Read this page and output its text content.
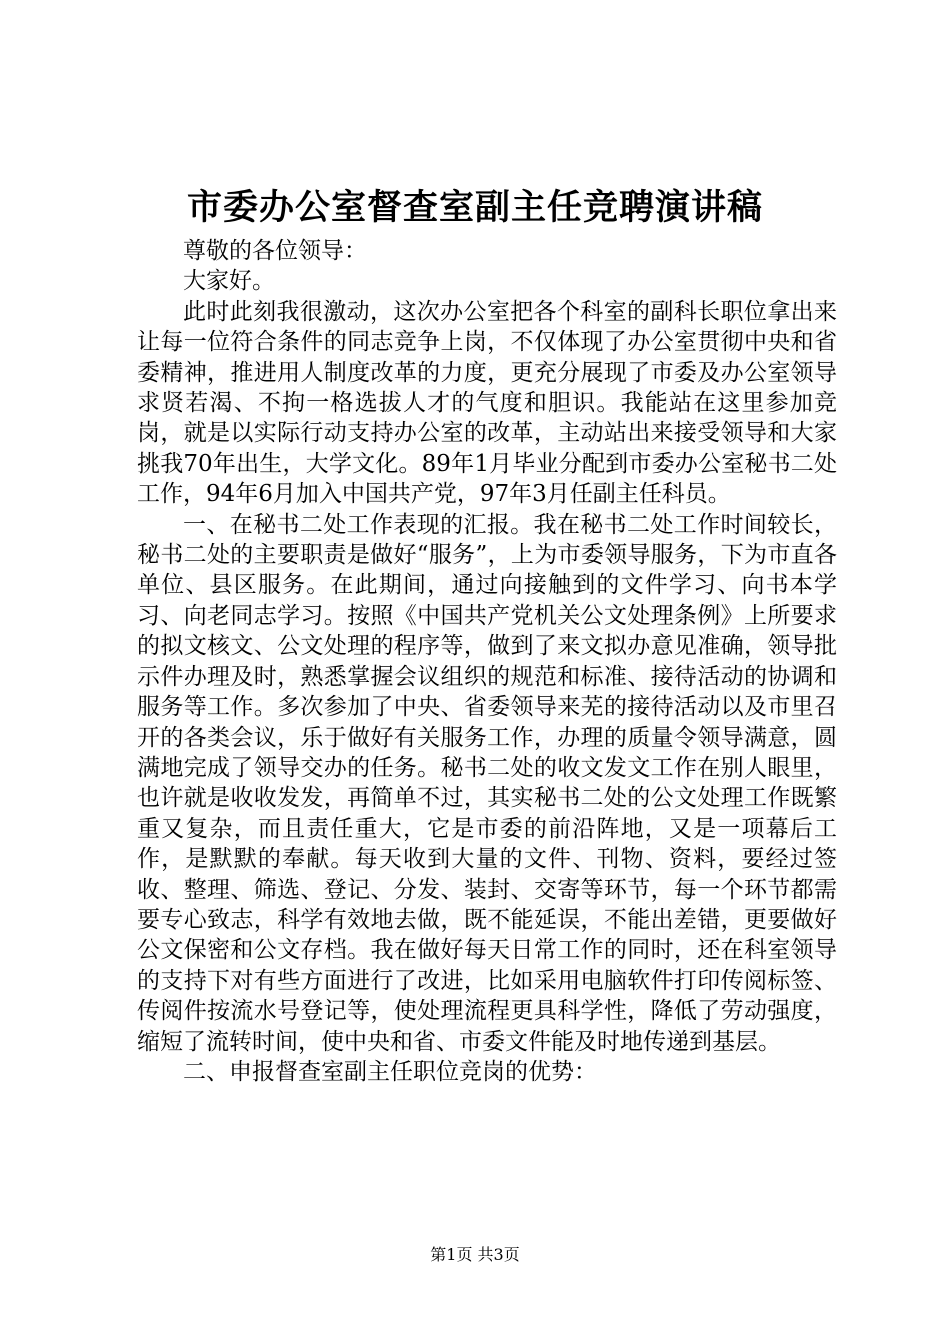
市委办公室督查室副主任竞聘演讲稿

尊敬的各位领导：

大家好。

此时此刻我很激动，这次办公室把各个科室的副科长职位拿出来让每一位符合条件的同志竞争上岗，不仅体现了办公室贯彻中央和省委精神，推进用人制度改革的力度，更充分展现了市委及办公室领导求贤若渴、不拘一格选拔人才的气度和胆识。我能站在这里参加竞岗，就是以实际行动支持办公室的改革，主动站出来接受领导和大家挑我70年出生，大学文化。89年1月毕业分配到市委办公室秘书二处工作，94年6月加入中国共产党，97年3月任副主任科员。

一、在秘书二处工作表现的汇报。我在秘书二处工作时间较长，秘书二处的主要职责是做好“服务”，上为市委领导服务，下为市直各单位、县区服务。在此期间，通过向接触到的文件学习、向书本学习、向老同志学习。按照《中国共产党机关公文处理条例》上所要求的拟文核文、公文处理的程序等，做到了来文拟办意见准确，领导批示件办理及时，熟悉掌握会议组织的规范和标准、接待活动的协调和服务等工作。多次参加了中央、省委领导来芜的接待活动以及市里召开的各类会议，乐于做好有关服务工作，办理的质量令领导满意，圆满地完成了领导交办的任务。秘书二处的收文发文工作在别人眼里，也许就是收收发发，再简单不过，其实秘书二处的公文处理工作既繁重又复杂，而且责任重大，它是市委的前沿阵地，又是一项幕后工作，是默默的奉献。每天收到大量的文件、刊物、资料，要经过签收、整理、筛选、登记、分发、装封、交寄等环节，每一个环节都需要专心致志，科学有效地去做，既不能延误，不能出差错，更要做好公文保密和公文存档。我在做好每天日常工作的同时，还在科室领导的支持下对有些方面进行了改进，比如采用电脑软件打印传阅标签、传阅件按流水号登记等，使处理流程更具科学性，降低了劳动强度，缩短了流转时间，使中央和省、市委文件能及时地传递到基层。

二、申报督查室副主任职位竞岗的优势：

第1页 共3页
